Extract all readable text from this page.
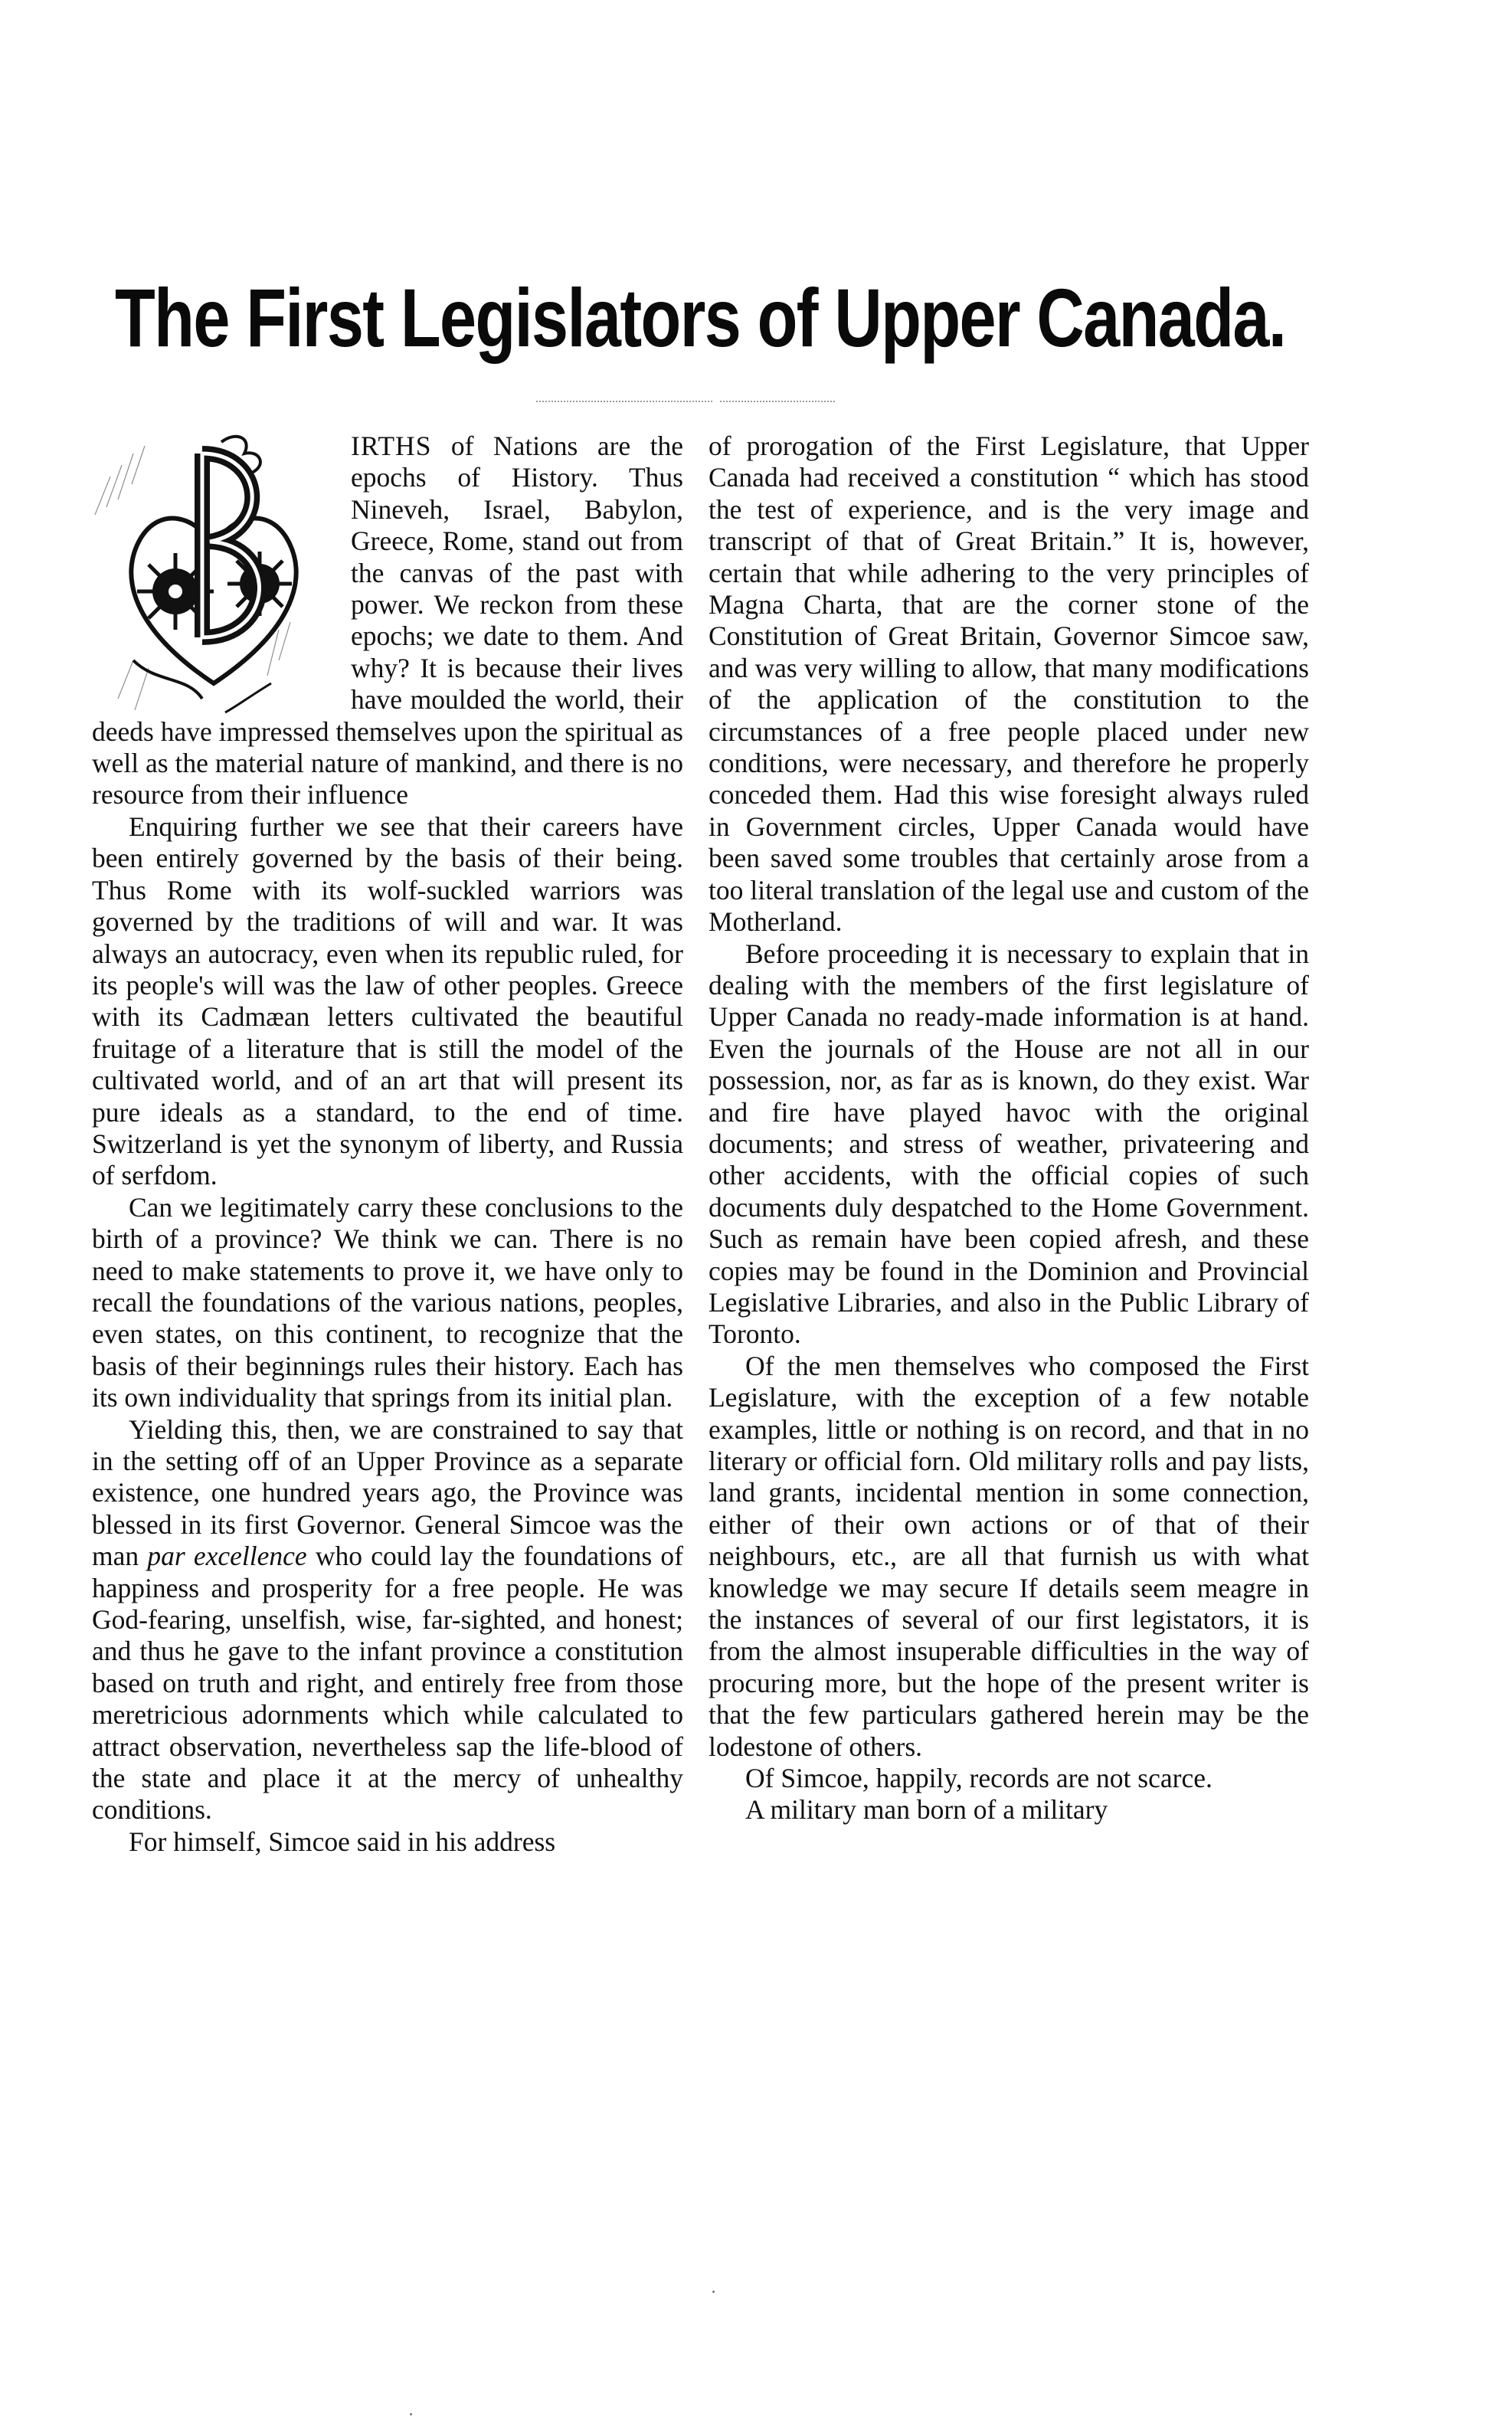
The First Legislators of Upper Canada.

IRTHS of Nations are the epochs of History. Thus Nineveh, Israel, Babylon, Greece, Rome, stand out from the canvas of the past with power. We reckon from these epochs; we date to them. And why? It is because their lives have moulded the world, their deeds have impressed themselves upon the spiritual as well as the material nature of mankind, and there is no resource from their influence

Enquiring further we see that their careers have been entirely governed by the basis of their being. Thus Rome with its wolf-suckled warriors was governed by the traditions of will and war. It was always an autocracy, even when its republic ruled, for its people's will was the law of other peoples. Greece with its Cadmæan letters cultivated the beautiful fruitage of a literature that is still the model of the cultivated world, and of an art that will present its pure ideals as a standard, to the end of time. Switzerland is yet the synonym of liberty, and Russia of serfdom.

Can we legitimately carry these conclusions to the birth of a province? We think we can. There is no need to make statements to prove it, we have only to recall the foundations of the various nations, peoples, even states, on this continent, to recognize that the basis of their beginnings rules their history. Each has its own individuality that springs from its initial plan.

Yielding this, then, we are constrained to say that in the setting off of an Upper Province as a separate existence, one hundred years ago, the Province was blessed in its first Governor. General Simcoe was the man par excellence who could lay the foundations of happiness and prosperity for a free people. He was God-fearing, unselfish, wise, far-sighted, and honest; and thus he gave to the infant province a constitution based on truth and right, and entirely free from those meretricious adornments which while calculated to attract observation, nevertheless sap the life-blood of the state and place it at the mercy of unhealthy conditions.

For himself, Simcoe said in his address

of prorogation of the First Legislature, that Upper Canada had received a constitution “ which has stood the test of experience, and is the very image and transcript of that of Great Britain.” It is, however, certain that while adhering to the very principles of Magna Charta, that are the corner stone of the Constitution of Great Britain, Governor Simcoe saw, and was very willing to allow, that many modifications of the application of the constitution to the circumstances of a free people placed under new conditions, were necessary, and therefore he properly conceded them. Had this wise foresight always ruled in Government circles, Upper Canada would have been saved some troubles that certainly arose from a too literal translation of the legal use and custom of the Motherland.

Before proceeding it is necessary to explain that in dealing with the members of the first legislature of Upper Canada no ready-made information is at hand. Even the journals of the House are not all in our possession, nor, as far as is known, do they exist. War and fire have played havoc with the original documents; and stress of weather, privateering and other accidents, with the official copies of such documents duly despatched to the Home Government. Such as remain have been copied afresh, and these copies may be found in the Dominion and Provincial Legislative Libraries, and also in the Public Library of Toronto.

Of the men themselves who composed the First Legislature, with the exception of a few notable examples, little or nothing is on record, and that in no literary or official forn. Old military rolls and pay lists, land grants, incidental mention in some connection, either of their own actions or of that of their neighbours, etc., are all that furnish us with what knowledge we may secure If details seem meagre in the instances of several of our first legistators, it is from the almost insuperable difficulties in the way of procuring more, but the hope of the present writer is that the few particulars gathered herein may be the lodestone of others.

Of Simcoe, happily, records are not scarce.

A military man born of a military
